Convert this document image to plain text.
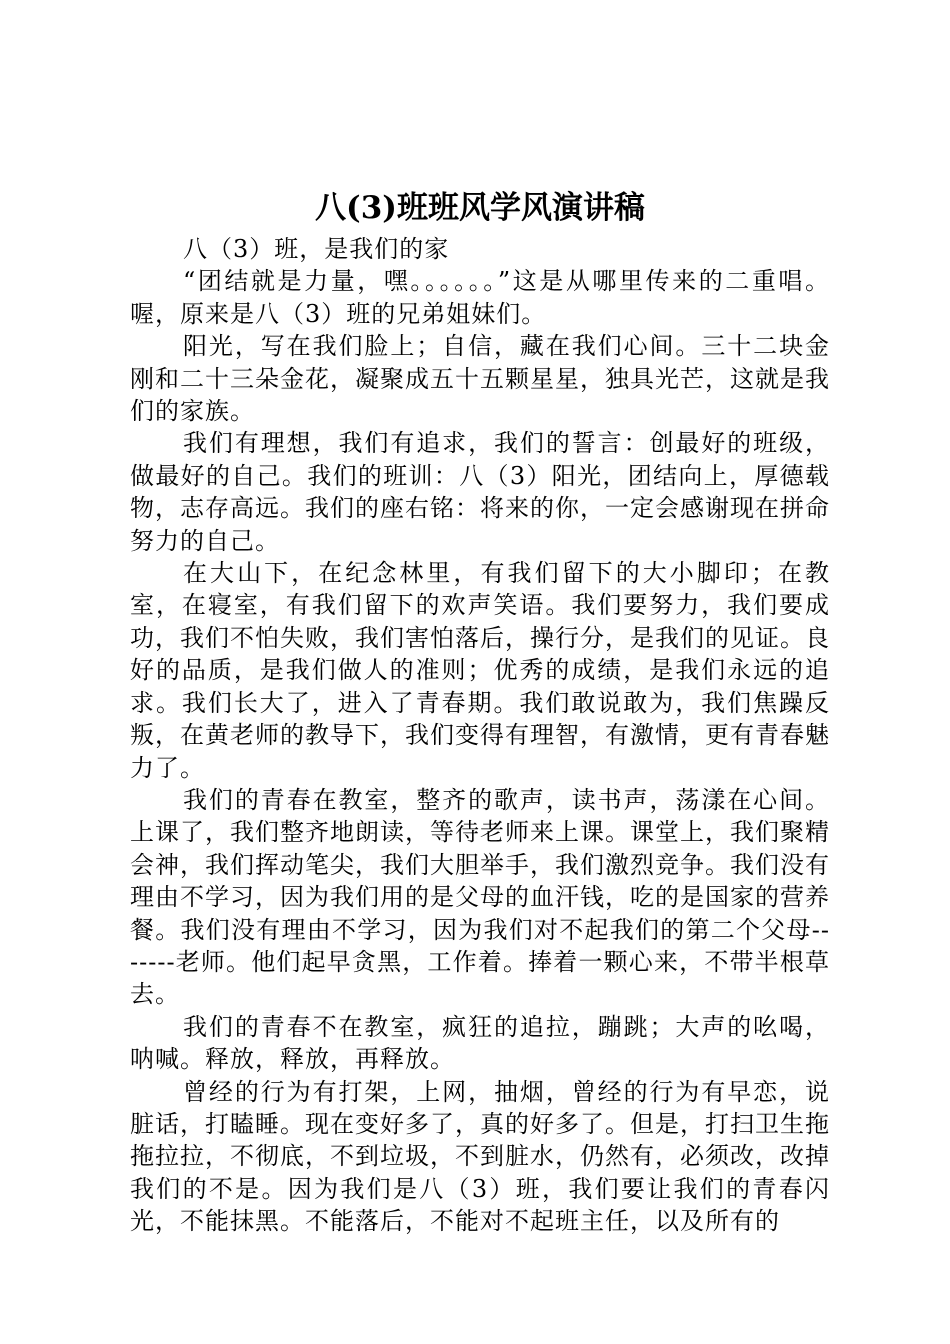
八(3)班班风学风演讲稿

八（3）班，是我们的家

“团结就是力量，嘿。。。。。。”这是从哪里传来的二重唱。喔，原来是八（3）班的兄弟姐妹们。

阳光，写在我们脸上；自信，藏在我们心间。三十二块金刚和二十三朵金花，凝聚成五十五颗星星，独具光芒，这就是我们的家族。

我们有理想，我们有追求，我们的誓言：创最好的班级，做最好的自己。我们的班训：八（3）阳光，团结向上，厚德载物，志存高远。我们的座右铭：将来的你，一定会感谢现在拼命努力的自己。

在大山下，在纪念林里，有我们留下的大小脚印；在教室，在寝室，有我们留下的欢声笑语。我们要努力，我们要成功，我们不怕失败，我们害怕落后，操行分，是我们的见证。良好的品质，是我们做人的准则；优秀的成绩，是我们永远的追求。我们长大了，进入了青春期。我们敢说敢为，我们焦躁反叛，在黄老师的教导下，我们变得有理智，有激情，更有青春魅力了。

我们的青春在教室，整齐的歌声，读书声，荡漾在心间。上课了，我们整齐地朗读，等待老师来上课。课堂上，我们聚精会神，我们挥动笔尖，我们大胆举手，我们激烈竞争。我们没有理由不学习，因为我们用的是父母的血汗钱，吃的是国家的营养餐。我们没有理由不学习，因为我们对不起我们的第二个父母-------老师。他们起早贪黑，工作着。捧着一颗心来，不带半根草去。

我们的青春不在教室，疯狂的追拉，蹦跳；大声的吆喝，呐喊。释放，释放，再释放。

曾经的行为有打架，上网，抽烟，曾经的行为有早恋，说脏话，打瞌睡。现在变好多了，真的好多了。但是，打扫卫生拖拖拉拉，不彻底，不到垃圾，不到脏水，仍然有，必须改，改掉我们的不是。因为我们是八（3）班，我们要让我们的青春闪光，不能抹黑。不能落后，不能对不起班主任，以及所有的
